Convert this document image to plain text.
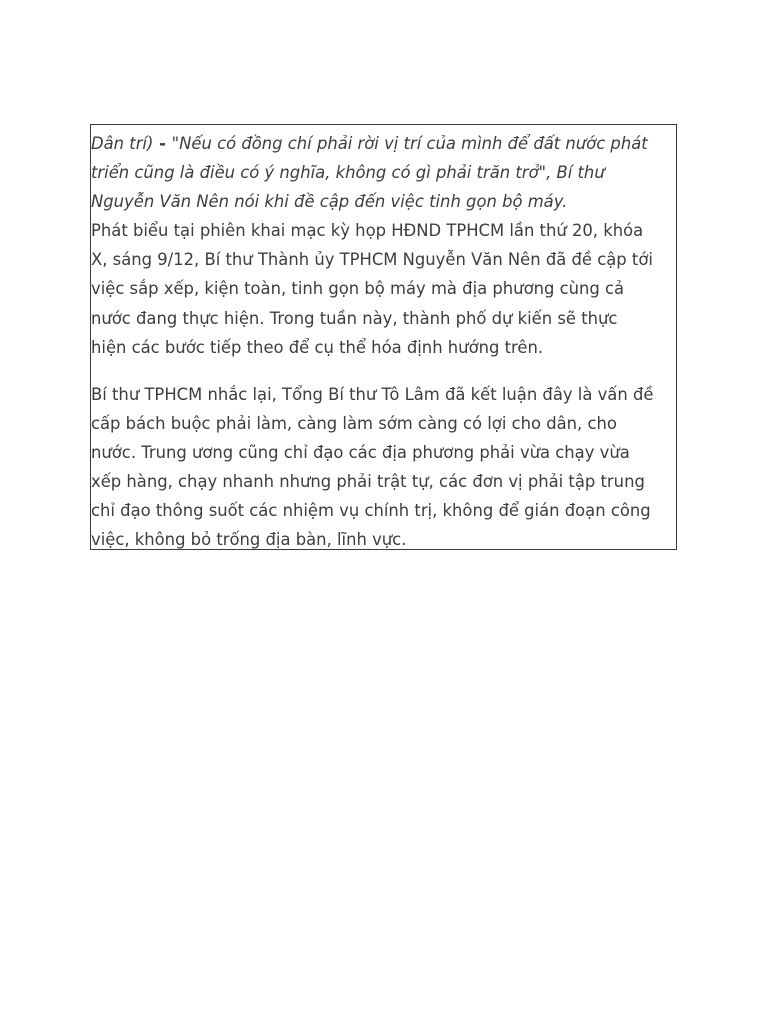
Dân trí) - "Nếu có đồng chí phải rời vị trí của mình để đất nước phát
triển cũng là điều có ý nghĩa, không có gì phải trăn trở", Bí thư
Nguyễn Văn Nên nói khi đề cập đến việc tinh gọn bộ máy.
Phát biểu tại phiên khai mạc kỳ họp HĐND TPHCM lần thứ 20, khóa
X, sáng 9/12, Bí thư Thành ủy TPHCM Nguyễn Văn Nên đã đề cập tới
việc sắp xếp, kiện toàn, tinh gọn bộ máy mà địa phương cùng cả
nước đang thực hiện. Trong tuần này, thành phố dự kiến sẽ thực
hiện các bước tiếp theo để cụ thể hóa định hướng trên.
Bí thư TPHCM nhắc lại, Tổng Bí thư Tô Lâm đã kết luận đây là vấn đề
cấp bách buộc phải làm, càng làm sớm càng có lợi cho dân, cho
nước. Trung ương cũng chỉ đạo các địa phương phải vừa chạy vừa
xếp hàng, chạy nhanh nhưng phải trật tự, các đơn vị phải tập trung
chỉ đạo thông suốt các nhiệm vụ chính trị, không để gián đoạn công
việc, không bỏ trống địa bàn, lĩnh vực.
